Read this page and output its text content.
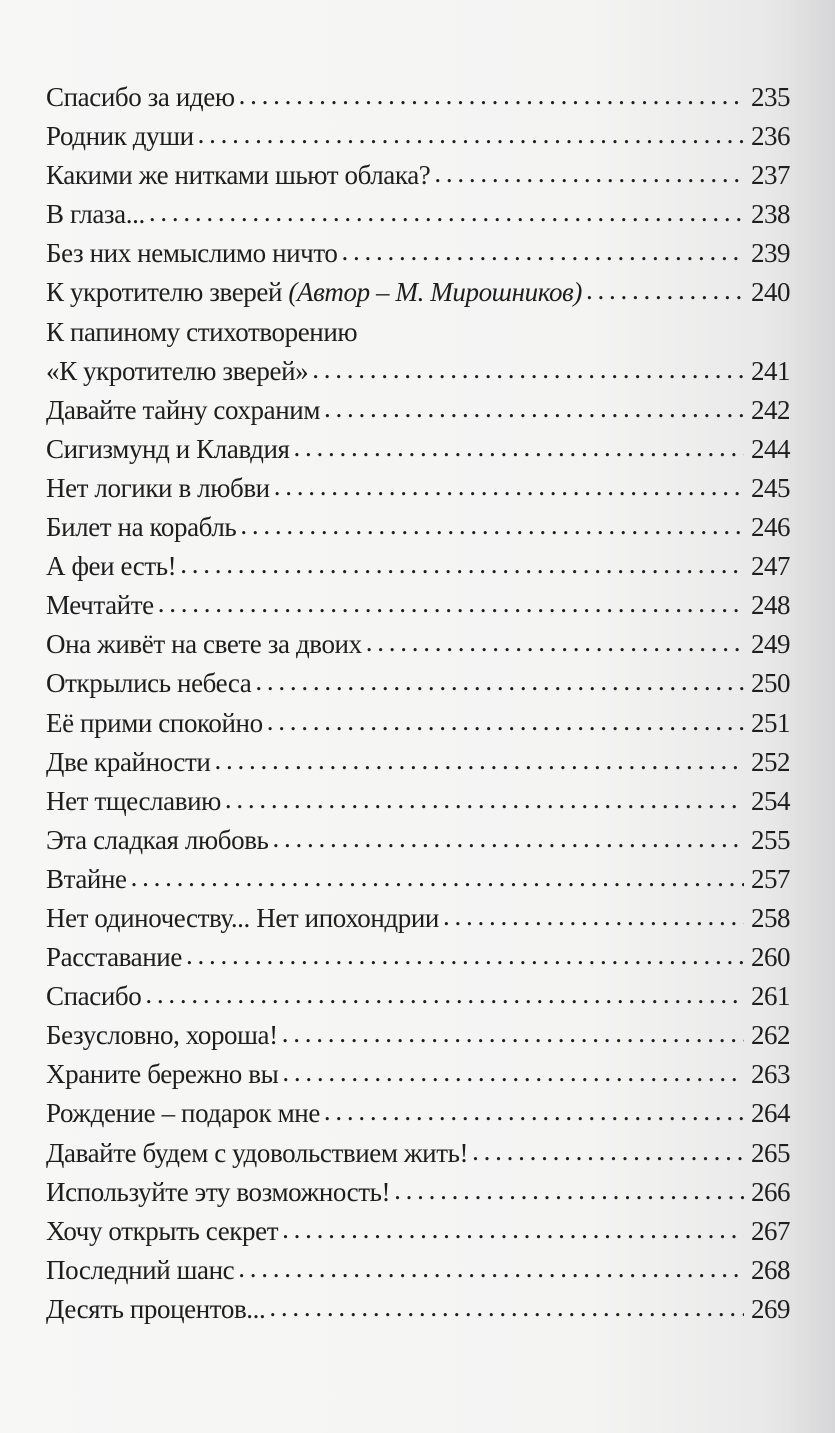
Спасибо за идею . . .	235
Родник души . . .	236
Какими же нитками шьют облака? . . .	237
В глаза... . . .	238
Без них немыслимо ничто . . .	239
К укротителю зверей (Автор – М. Мирошников) . . .	240
К папиному стихотворению
«К укротителю зверей» . . .	241
Давайте тайну сохраним . . .	242
Сигизмунд и Клавдия . . .	244
Нет логики в любви . . .	245
Билет на корабль . . .	246
А феи есть! . . .	247
Мечтайте . . .	248
Она живёт на свете за двоих . . .	249
Открылись небеса . . .	250
Её прими спокойно . . .	251
Две крайности . . .	252
Нет тщеславию . . .	254
Эта сладкая любовь . . .	255
Втайне . . .	257
Нет одиночеству... Нет ипохондрии . . .	258
Расставание . . .	260
Спасибо . . .	261
Безусловно, хороша! . . .	262
Храните бережно вы . . .	263
Рождение – подарок мне . . .	264
Давайте будем с удовольствием жить! . . .	265
Используйте эту возможность! . . .	266
Хочу открыть секрет . . .	267
Последний шанс . . .	268
Десять процентов... . . .	269
